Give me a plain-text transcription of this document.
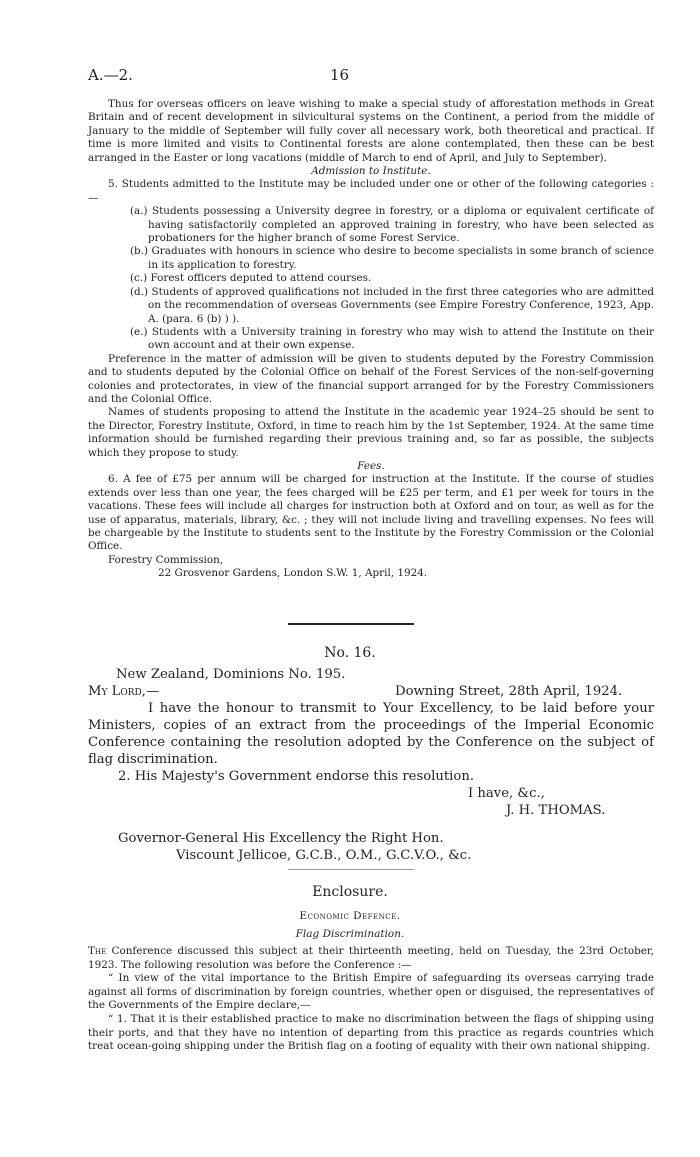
A.—2.	16

Thus for overseas officers on leave wishing to make a special study of afforestation methods in Great Britain and of recent development in silvicultural systems on the Continent, a period from the middle of January to the middle of September will fully cover all necessary work, both theoretical and practical. If time is more limited and visits to Continental forests are alone contemplated, then these can be best arranged in the Easter or long vacations (middle of March to end of April, and July to September).

Admission to Institute.

5. Students admitted to the Institute may be included under one or other of the following categories :—

(a.) Students possessing a University degree in forestry, or a diploma or equivalent certificate of having satisfactorily completed an approved training in forestry, who have been selected as probationers for the higher branch of some Forest Service.
(b.) Graduates with honours in science who desire to become specialists in some branch of science in its application to forestry.
(c.) Forest officers deputed to attend courses.
(d.) Students of approved qualifications not included in the first three categories who are admitted on the recommendation of overseas Governments (see Empire Forestry Conference, 1923, App. A. (para. 6 (b) ) ).
(e.) Students with a University training in forestry who may wish to attend the Institute on their own account and at their own expense.

Preference in the matter of admission will be given to students deputed by the Forestry Commission and to students deputed by the Colonial Office on behalf of the Forest Services of the non-self-governing colonies and protectorates, in view of the financial support arranged for by the Forestry Commissioners and the Colonial Office.

Names of students proposing to attend the Institute in the academic year 1924–25 should be sent to the Director, Forestry Institute, Oxford, in time to reach him by the 1st September, 1924. At the same time information should be furnished regarding their previous training and, so far as possible, the subjects which they propose to study.

Fees.

6. A fee of £75 per annum will be charged for instruction at the Institute. If the course of studies extends over less than one year, the fees charged will be £25 per term, and £1 per week for tours in the vacations. These fees will include all charges for instruction both at Oxford and on tour, as well as for the use of apparatus, materials, library, &c. ; they will not include living and travelling expenses. No fees will be chargeable by the Institute to students sent to the Institute by the Forestry Commission or the Colonial Office.

Forestry Commission,

22 Grosvenor Gardens, London S.W. 1, April, 1924.

No. 16.

New Zealand, Dominions No. 195.

My Lord,—	Downing Street, 28th April, 1924.

I have the honour to transmit to Your Excellency, to be laid before your Ministers, copies of an extract from the proceedings of the Imperial Economic Conference containing the resolution adopted by the Conference on the subject of flag discrimination.

2. His Majesty's Government endorse this resolution.

I have, &c.,

J. H. THOMAS.

Governor-General His Excellency the Right Hon.

Viscount Jellicoe, G.C.B., O.M., G.C.V.O., &c.

Enclosure.
Economic Defence.
Flag Discrimination.

The Conference discussed this subject at their thirteenth meeting, held on Tuesday, the 23rd October, 1923. The following resolution was before the Conference :—

“ In view of the vital importance to the British Empire of safeguarding its overseas carrying trade against all forms of discrimination by foreign countries, whether open or disguised, the representatives of the Governments of the Empire declare,—

“ 1. That it is their established practice to make no discrimination between the flags of shipping using their ports, and that they have no intention of departing from this practice as regards countries which treat ocean-going shipping under the British flag on a footing of equality with their own national shipping.
